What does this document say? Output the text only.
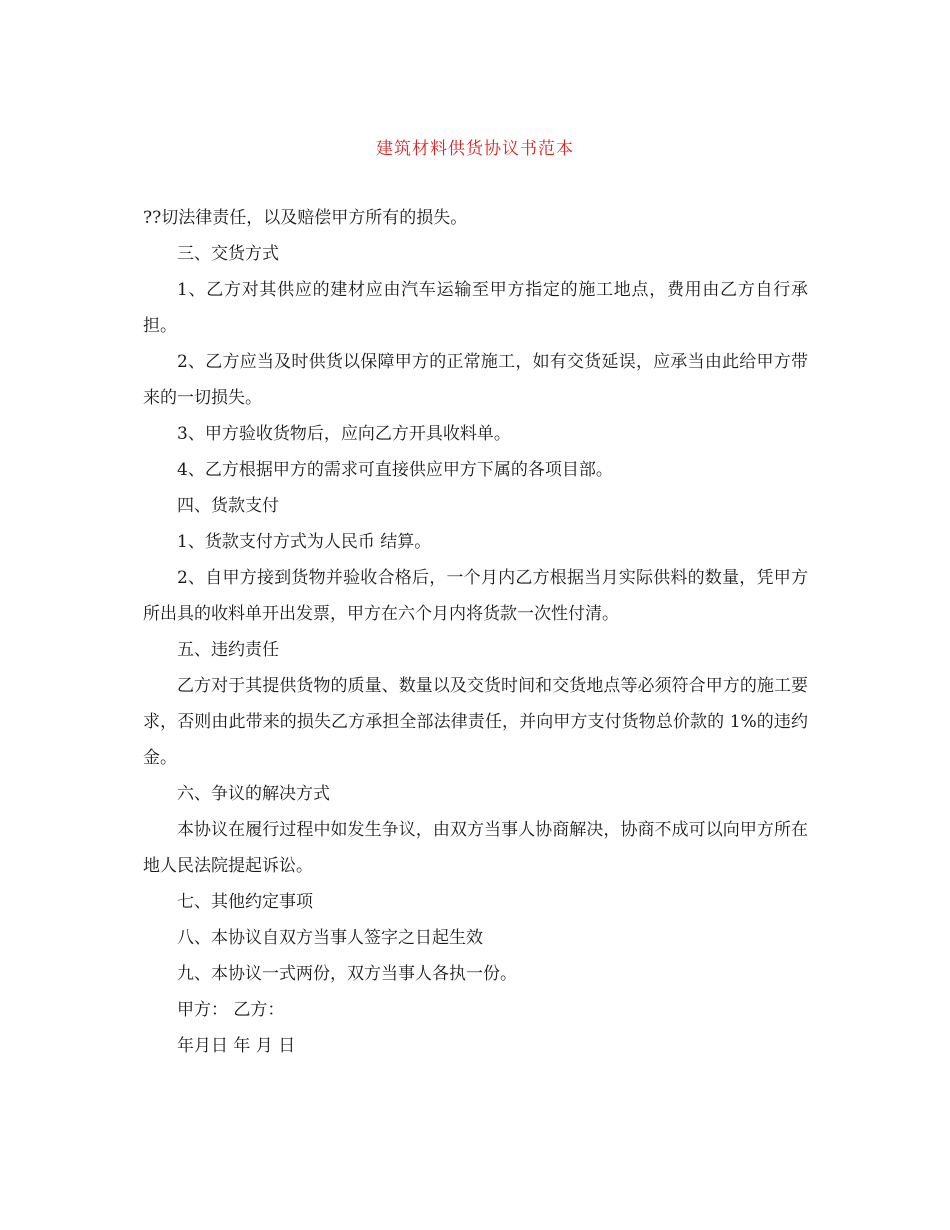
建筑材料供货协议书范本

??切法律责任，以及赔偿甲方所有的损失。

三、交货方式

1、乙方对其供应的建材应由汽车运输至甲方指定的施工地点，费用由乙方自行承担。

2、乙方应当及时供货以保障甲方的正常施工，如有交货延误，应承当由此给甲方带来的一切损失。

3、甲方验收货物后，应向乙方开具收料单。

4、乙方根据甲方的需求可直接供应甲方下属的各项目部。

四、货款支付

1、货款支付方式为人民币 结算。

2、自甲方接到货物并验收合格后，一个月内乙方根据当月实际供料的数量，凭甲方所出具的收料单开出发票，甲方在六个月内将货款一次性付清。

五、违约责任

乙方对于其提供货物的质量、数量以及交货时间和交货地点等必须符合甲方的施工要求，否则由此带来的损失乙方承担全部法律责任，并向甲方支付货物总价款的 1%的违约金。

六、争议的解决方式

本协议在履行过程中如发生争议，由双方当事人协商解决，协商不成可以向甲方所在地人民法院提起诉讼。

七、其他约定事项

八、本协议自双方当事人签字之日起生效

九、本协议一式两份，双方当事人各执一份。

甲方： 乙方：

年月日 年 月 日
